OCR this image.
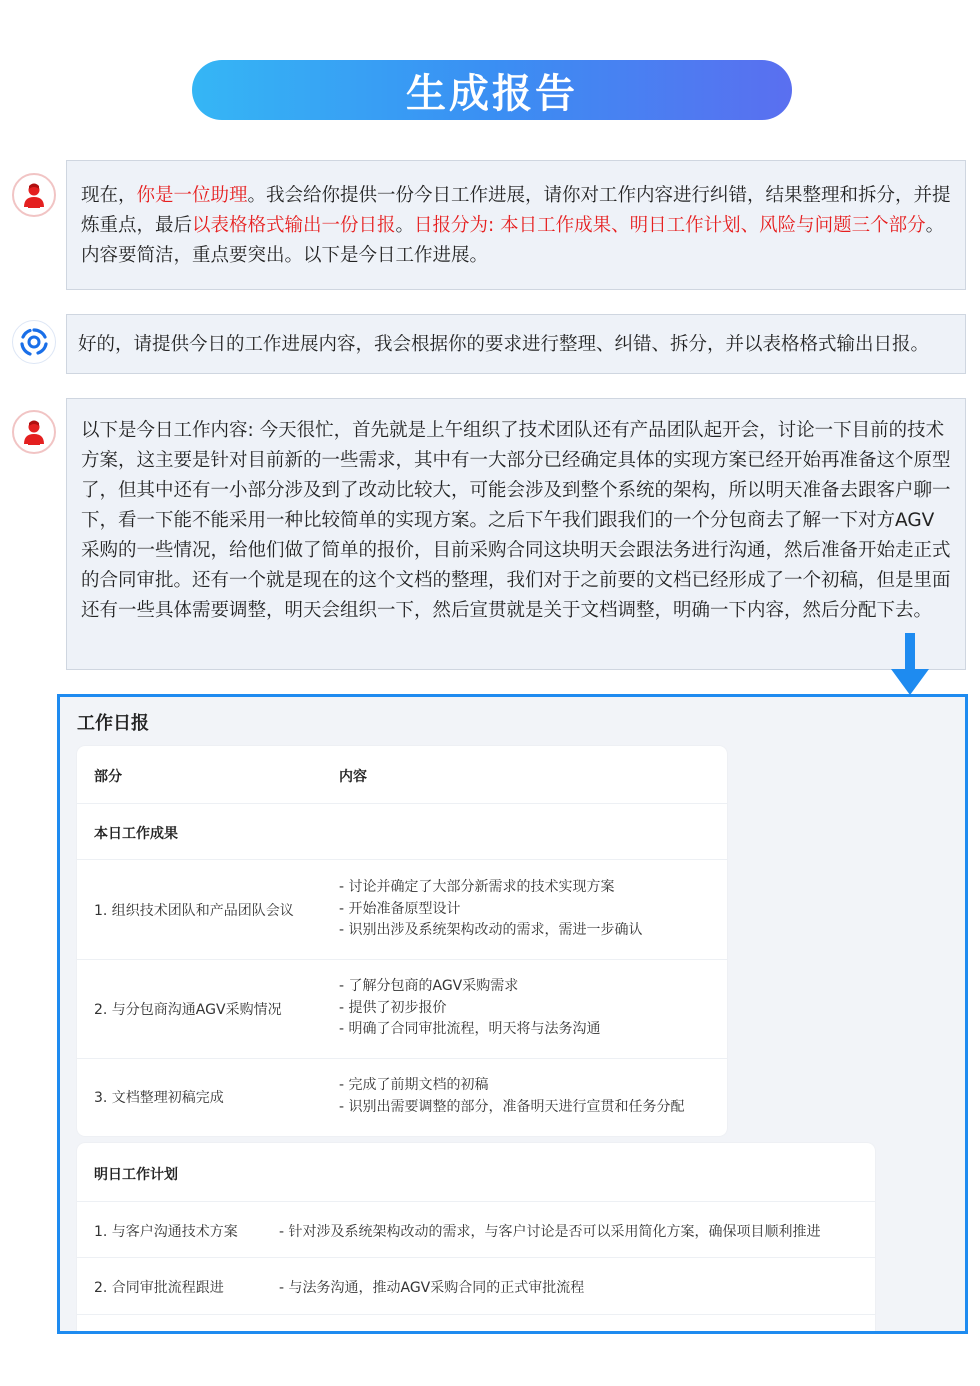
生成报告
现在，你是一位助理。我会给你提供一份今日工作进展，请你对工作内容进行纠错，结果整理和拆分，并提炼重点，最后以表格格式输出一份日报。日报分为: 本日工作成果、明日工作计划、风险与问题三个部分。内容要简洁，重点要突出。以下是今日工作进展。
好的，请提供今日的工作进展内容，我会根据你的要求进行整理、纠错、拆分，并以表格格式输出日报。
以下是今日工作内容: 今天很忙，首先就是上午组织了技术团队还有产品团队起开会，讨论一下目前的技术方案，这主要是针对目前新的一些需求，其中有一大部分已经确定具体的实现方案已经开始再准备这个原型了，但其中还有一小部分涉及到了改动比较大，可能会涉及到整个系统的架构，所以明天准备去跟客户聊一下，看一下能不能采用一种比较简单的实现方案。之后下午我们跟我们的一个分包商去了解一下对方AGV采购的一些情况，给他们做了简单的报价，目前采购合同这块明天会跟法务进行沟通，然后准备开始走正式的合同审批。还有一个就是现在的这个文档的整理，我们对于之前要的文档已经形成了一个初稿，但是里面还有一些具体需要调整，明天会组织一下，然后宣贯就是关于文档调整，明确一下内容，然后分配下去。
工作日报
部分	内容
本日工作成果
1. 组织技术团队和产品团队会议
- 讨论并确定了大部分新需求的技术实现方案
- 开始准备原型设计
- 识别出涉及系统架构改动的需求，需进一步确认
2. 与分包商沟通AGV采购情况
- 了解分包商的AGV采购需求
- 提供了初步报价
- 明确了合同审批流程，明天将与法务沟通
3. 文档整理初稿完成
- 完成了前期文档的初稿
- 识别出需要调整的部分，准备明天进行宣贯和任务分配
明日工作计划
1. 与客户沟通技术方案	- 针对涉及系统架构改动的需求，与客户讨论是否可以采用简化方案，确保项目顺利推进
2. 合同审批流程跟进	- 与法务沟通，推动AGV采购合同的正式审批流程
